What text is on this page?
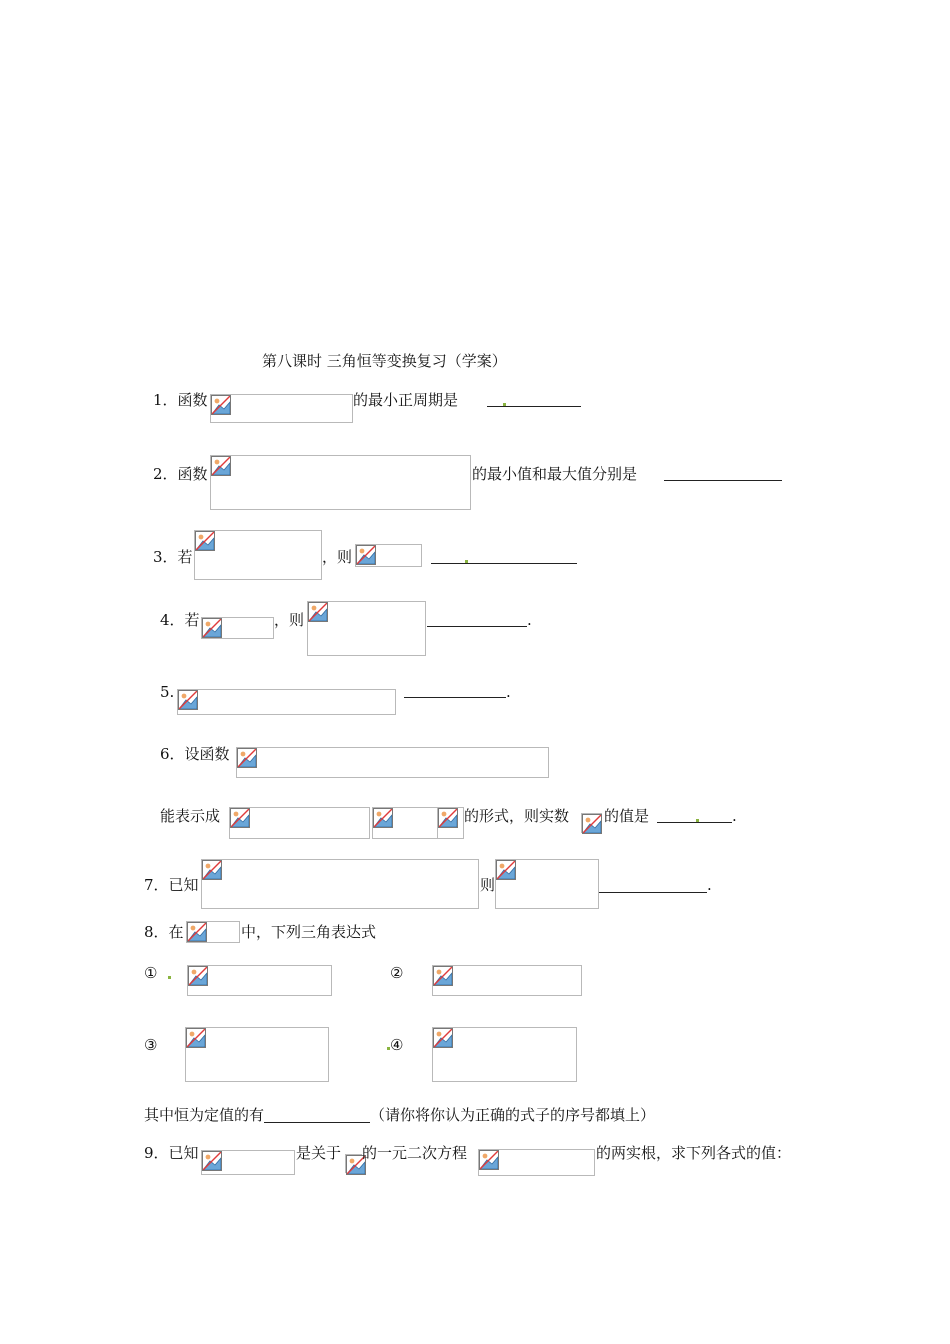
第八课时 三角恒等变换复习（学案）
1．函数	的最小正周期是
2．函数	的最小值和最大值分别是
3．若	，则
4．若	，则	.
5.	.
6．设函数
能表示成	的形式，则实数 的值是	.
7．已知	则	.
8．在	中，下列三角表达式
①	②
③	④
其中恒为定值的有	（请你将你认为正确的式子的序号都填上）
9．已知	是关于 的一元二次方程	的两实根，求下列各式的值：
